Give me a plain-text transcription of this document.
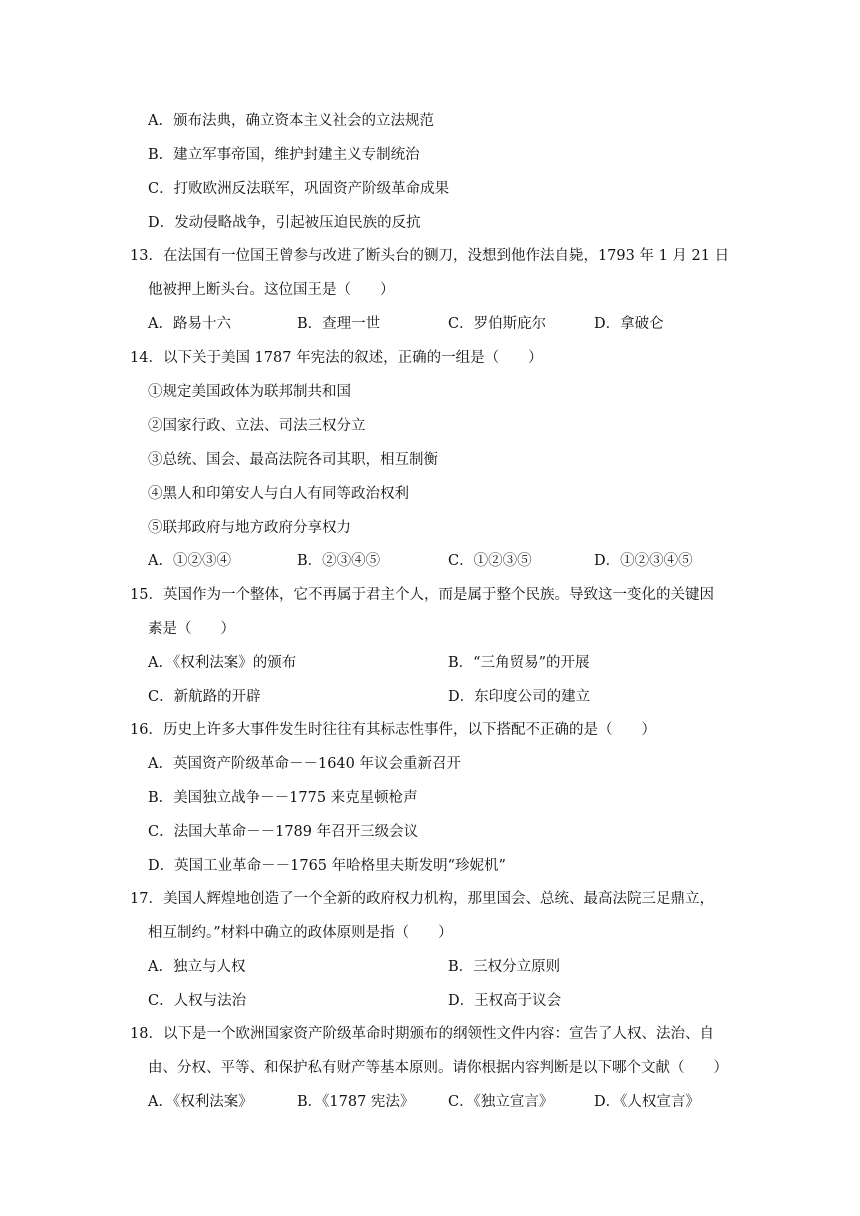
A．颁布法典，确立资本主义社会的立法规范
B．建立军事帝国，维护封建主义专制统治
C．打败欧洲反法联军，巩固资产阶级革命成果
D．发动侵略战争，引起被压迫民族的反抗
13．在法国有一位国王曾参与改进了断头台的铡刀，没想到他作法自毙，1793 年 1 月 21 日
他被押上断头台。这位国王是（　　）
A．路易十六	B．查理一世	C．罗伯斯庇尔	D．拿破仑
14．以下关于美国 1787 年宪法的叙述，正确的一组是（　　）
①规定美国政体为联邦制共和国
②国家行政、立法、司法三权分立
③总统、国会、最高法院各司其职，相互制衡
④黑人和印第安人与白人有同等政治权利
⑤联邦政府与地方政府分享权力
A．①②③④	B．②③④⑤	C．①②③⑤	D．①②③④⑤
15．英国作为一个整体，它不再属于君主个人，而是属于整个民族。导致这一变化的关键因
素是（　　）
A．《权利法案》的颁布	B．“三角贸易”的开展
C．新航路的开辟	D．东印度公司的建立
16．历史上许多大事件发生时往往有其标志性事件，以下搭配不正确的是（　　）
A．英国资产阶级革命－－1640 年议会重新召开
B．美国独立战争－－1775 来克星顿枪声
C．法国大革命－－1789 年召开三级会议
D．英国工业革命－－1765 年哈格里夫斯发明“珍妮机”
17．美国人辉煌地创造了一个全新的政府权力机构，那里国会、总统、最高法院三足鼎立，
相互制约。”材料中确立的政体原则是指（　　）
A．独立与人权	B．三权分立原则
C．人权与法治	D．王权高于议会
18．以下是一个欧洲国家资产阶级革命时期颁布的纲领性文件内容：宣告了人权、法治、自
由、分权、平等、和保护私有财产等基本原则。请你根据内容判断是以下哪个文献（　　）
A．《权利法案》	B．《1787 宪法》 C．《独立宣言》	D．《人权宣言》
